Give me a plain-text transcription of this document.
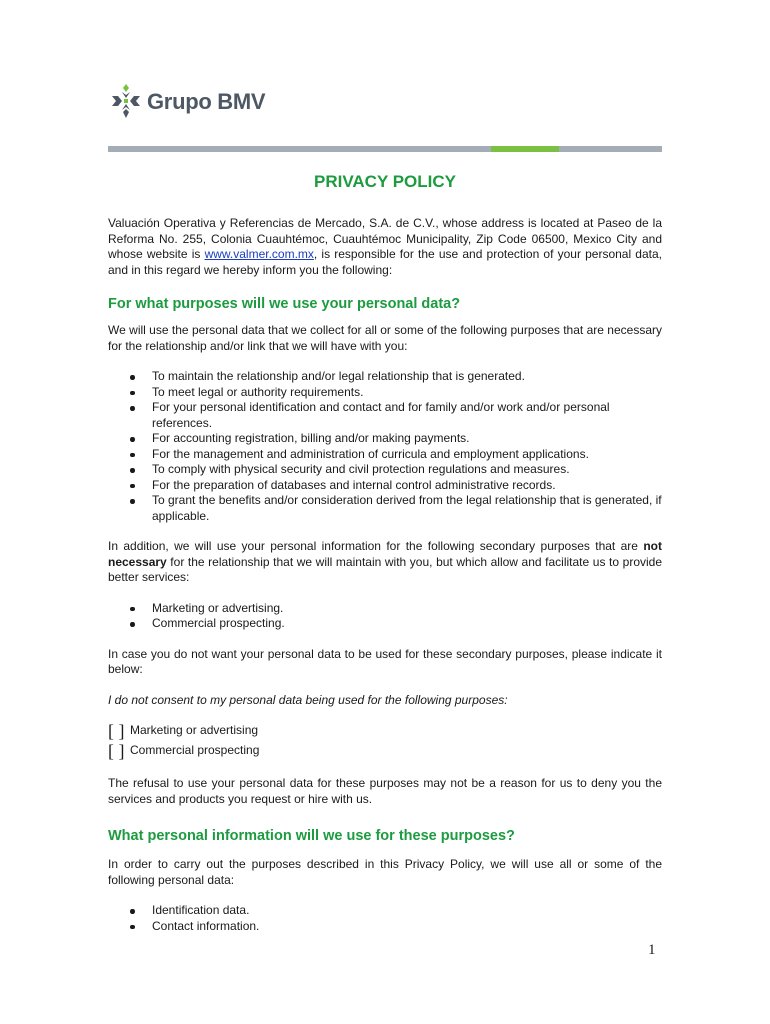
Grupo BMV
PRIVACY POLICY

Valuación Operativa y Referencias de Mercado, S.A. de C.V., whose address is located at Paseo de la Reforma No. 255, Colonia Cuauhtémoc, Cuauhtémoc Municipality, Zip Code 06500, Mexico City and whose website is www.valmer.com.mx, is responsible for the use and protection of your personal data, and in this regard we hereby inform you the following:

For what purposes will we use your personal data?

We will use the personal data that we collect for all or some of the following purposes that are necessary for the relationship and/or link that we will have with you:

To maintain the relationship and/or legal relationship that is generated.
To meet legal or authority requirements.
For your personal identification and contact and for family and/or work and/or personal references.
For accounting registration, billing and/or making payments.
For the management and administration of curricula and employment applications.
To comply with physical security and civil protection regulations and measures.
For the preparation of databases and internal control administrative records.
To grant the benefits and/or consideration derived from the legal relationship that is generated, if applicable.

In addition, we will use your personal information for the following secondary purposes that are not necessary for the relationship that we will maintain with you, but which allow and facilitate us to provide better services:

Marketing or advertising.
Commercial prospecting.

In case you do not want your personal data to be used for these secondary purposes, please indicate it below:

I do not consent to my personal data being used for the following purposes:

[ ] Marketing or advertising
[ ] Commercial prospecting

The refusal to use your personal data for these purposes may not be a reason for us to deny you the services and products you request or hire with us.

What personal information will we use for these purposes?

In order to carry out the purposes described in this Privacy Policy, we will use all or some of the following personal data:

Identification data.
Contact information.
1
